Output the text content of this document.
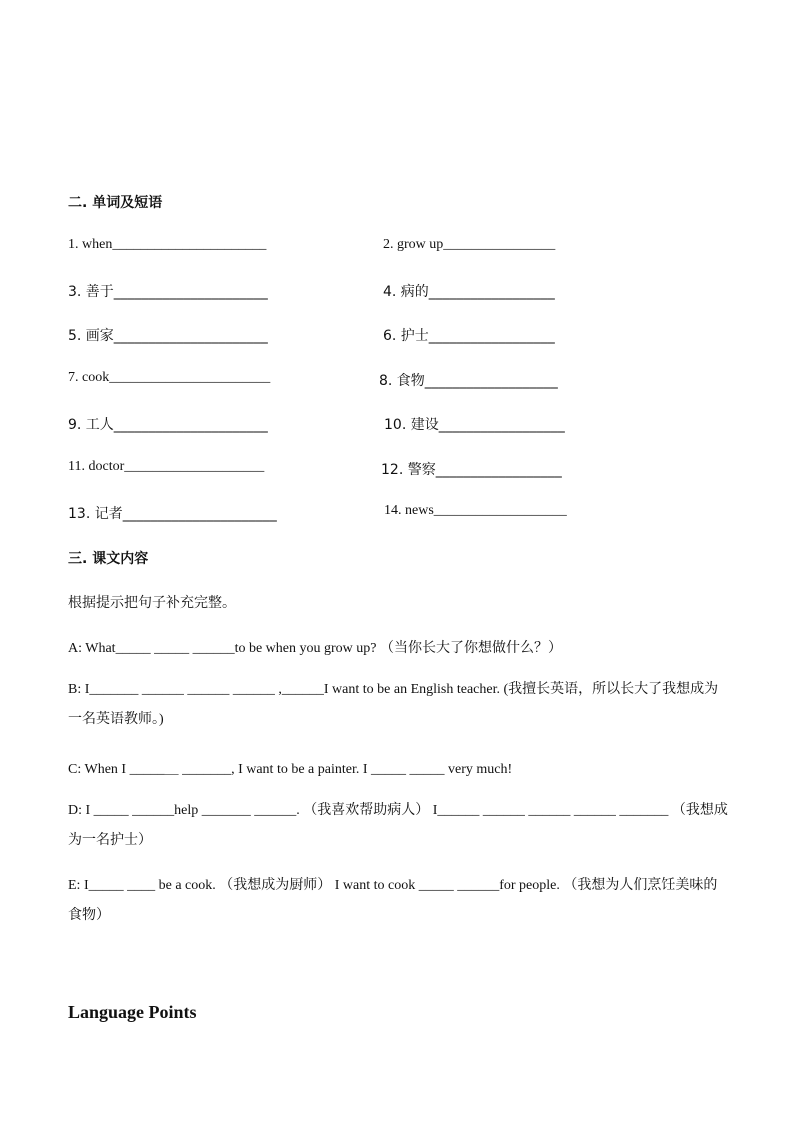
二. 单词及短语
1. when______________________	2. grow up________________
3. 善于______________________	4. 病的__________________
5. 画家______________________	6. 护士__________________
7. cook_______________________	8. 食物___________________
9. 工人______________________	10. 建设__________________
11. doctor____________________	12. 警察__________________
13. 记者______________________	14. news___________________
三. 课文内容
根据提示把句子补充完整。
A: What_____ _____ ______to be when you grow up? （当你长大了你想做什么？）
B: I_______ ______ ______ ______ ,______I want to be an English teacher. (我擅长英语，所以长大了我想成为一名英语教师。)
C: When I _____＿ _______, I want to be a painter. I _____ _____ very much!
D: I _____ ______help _______ ______. （我喜欢帮助病人） I______ ______ ______ ______ _______ （我想成为一名护士）
E: I_____ ____ be a cook. （我想成为厨师） I want to cook _____ ______for people. （我想为人们烹饪美味的食物）
Language Points
